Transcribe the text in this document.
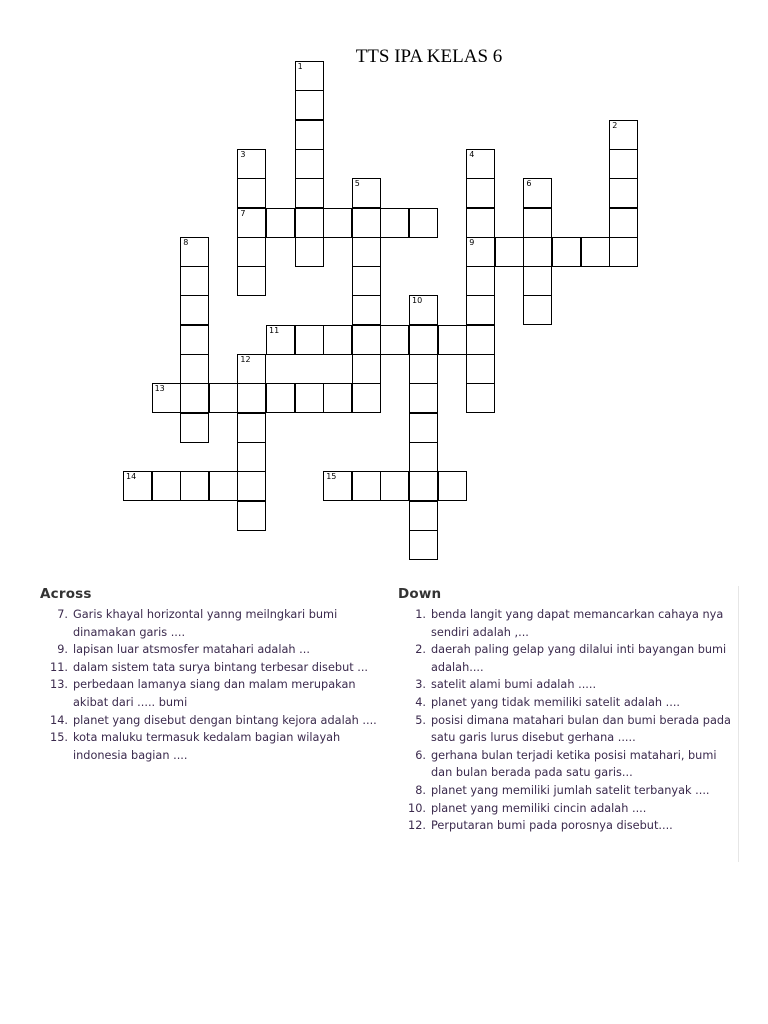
TTS IPA KELAS 6
1
2
3
7
4
9
5	6
8
10
11
12
13
14	15
Across
7. Garis khayal horizontal yanng meilngkari bumi dinamakan garis ....
9. lapisan luar atsmosfer matahari adalah ...
11. dalam sistem tata surya bintang terbesar disebut ...
13. perbedaan lamanya siang dan malam merupakan akibat dari ..... bumi
14. planet yang disebut dengan bintang kejora adalah ....
15. kota maluku termasuk kedalam bagian wilayah indonesia bagian ....
Down
1. benda langit yang dapat memancarkan cahaya nya sendiri adalah ,...
2. daerah paling gelap yang dilalui inti bayangan bumi adalah....
3. satelit alami bumi adalah .....
4. planet yang tidak memiliki satelit adalah ....
5. posisi dimana matahari bulan dan bumi berada pada satu garis lurus disebut gerhana .....
6. gerhana bulan terjadi ketika posisi matahari, bumi dan bulan berada pada satu garis...
8. planet yang memiliki jumlah satelit terbanyak ....
10. planet yang memiliki cincin adalah ....
12. Perputaran bumi pada porosnya disebut....
